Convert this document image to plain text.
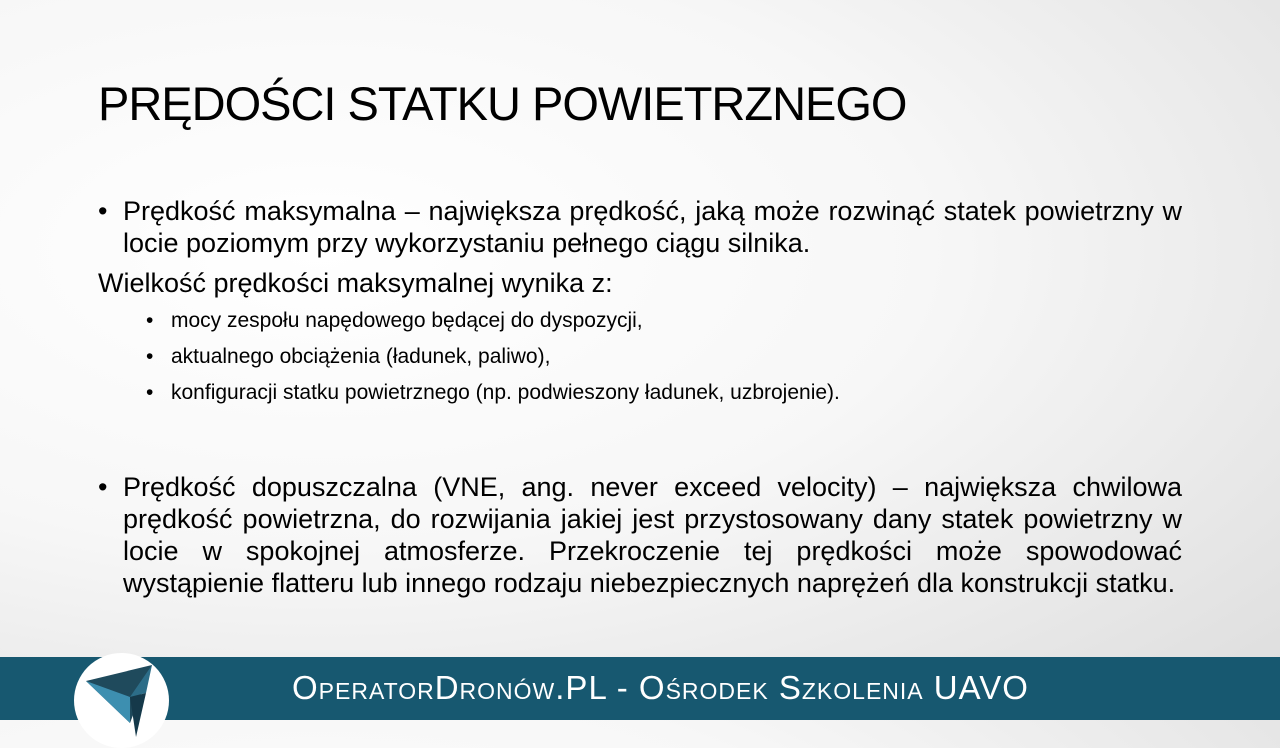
PRĘDOŚCI STATKU POWIETRZNEGO

• Prędkość maksymalna – największa prędkość, jaką może rozwinąć statek powietrzny w locie poziomym przy wykorzystaniu pełnego ciągu silnika.

Wielkość prędkości maksymalnej wynika z:

• mocy zespołu napędowego będącej do dyspozycji,
• aktualnego obciążenia (ładunek, paliwo),
• konfiguracji statku powietrznego (np. podwieszony ładunek, uzbrojenie).

• Prędkość dopuszczalna (VNE, ang. never exceed velocity) – największa chwilowa prędkość powietrzna, do rozwijania jakiej jest przystosowany dany statek powietrzny w locie w spokojnej atmosferze. Przekroczenie tej prędkości może spowodować wystąpienie flatteru lub innego rodzaju niebezpiecznych naprężeń dla konstrukcji statku.

OperatorDronów.PL - Ośrodek Szkolenia UAVO
